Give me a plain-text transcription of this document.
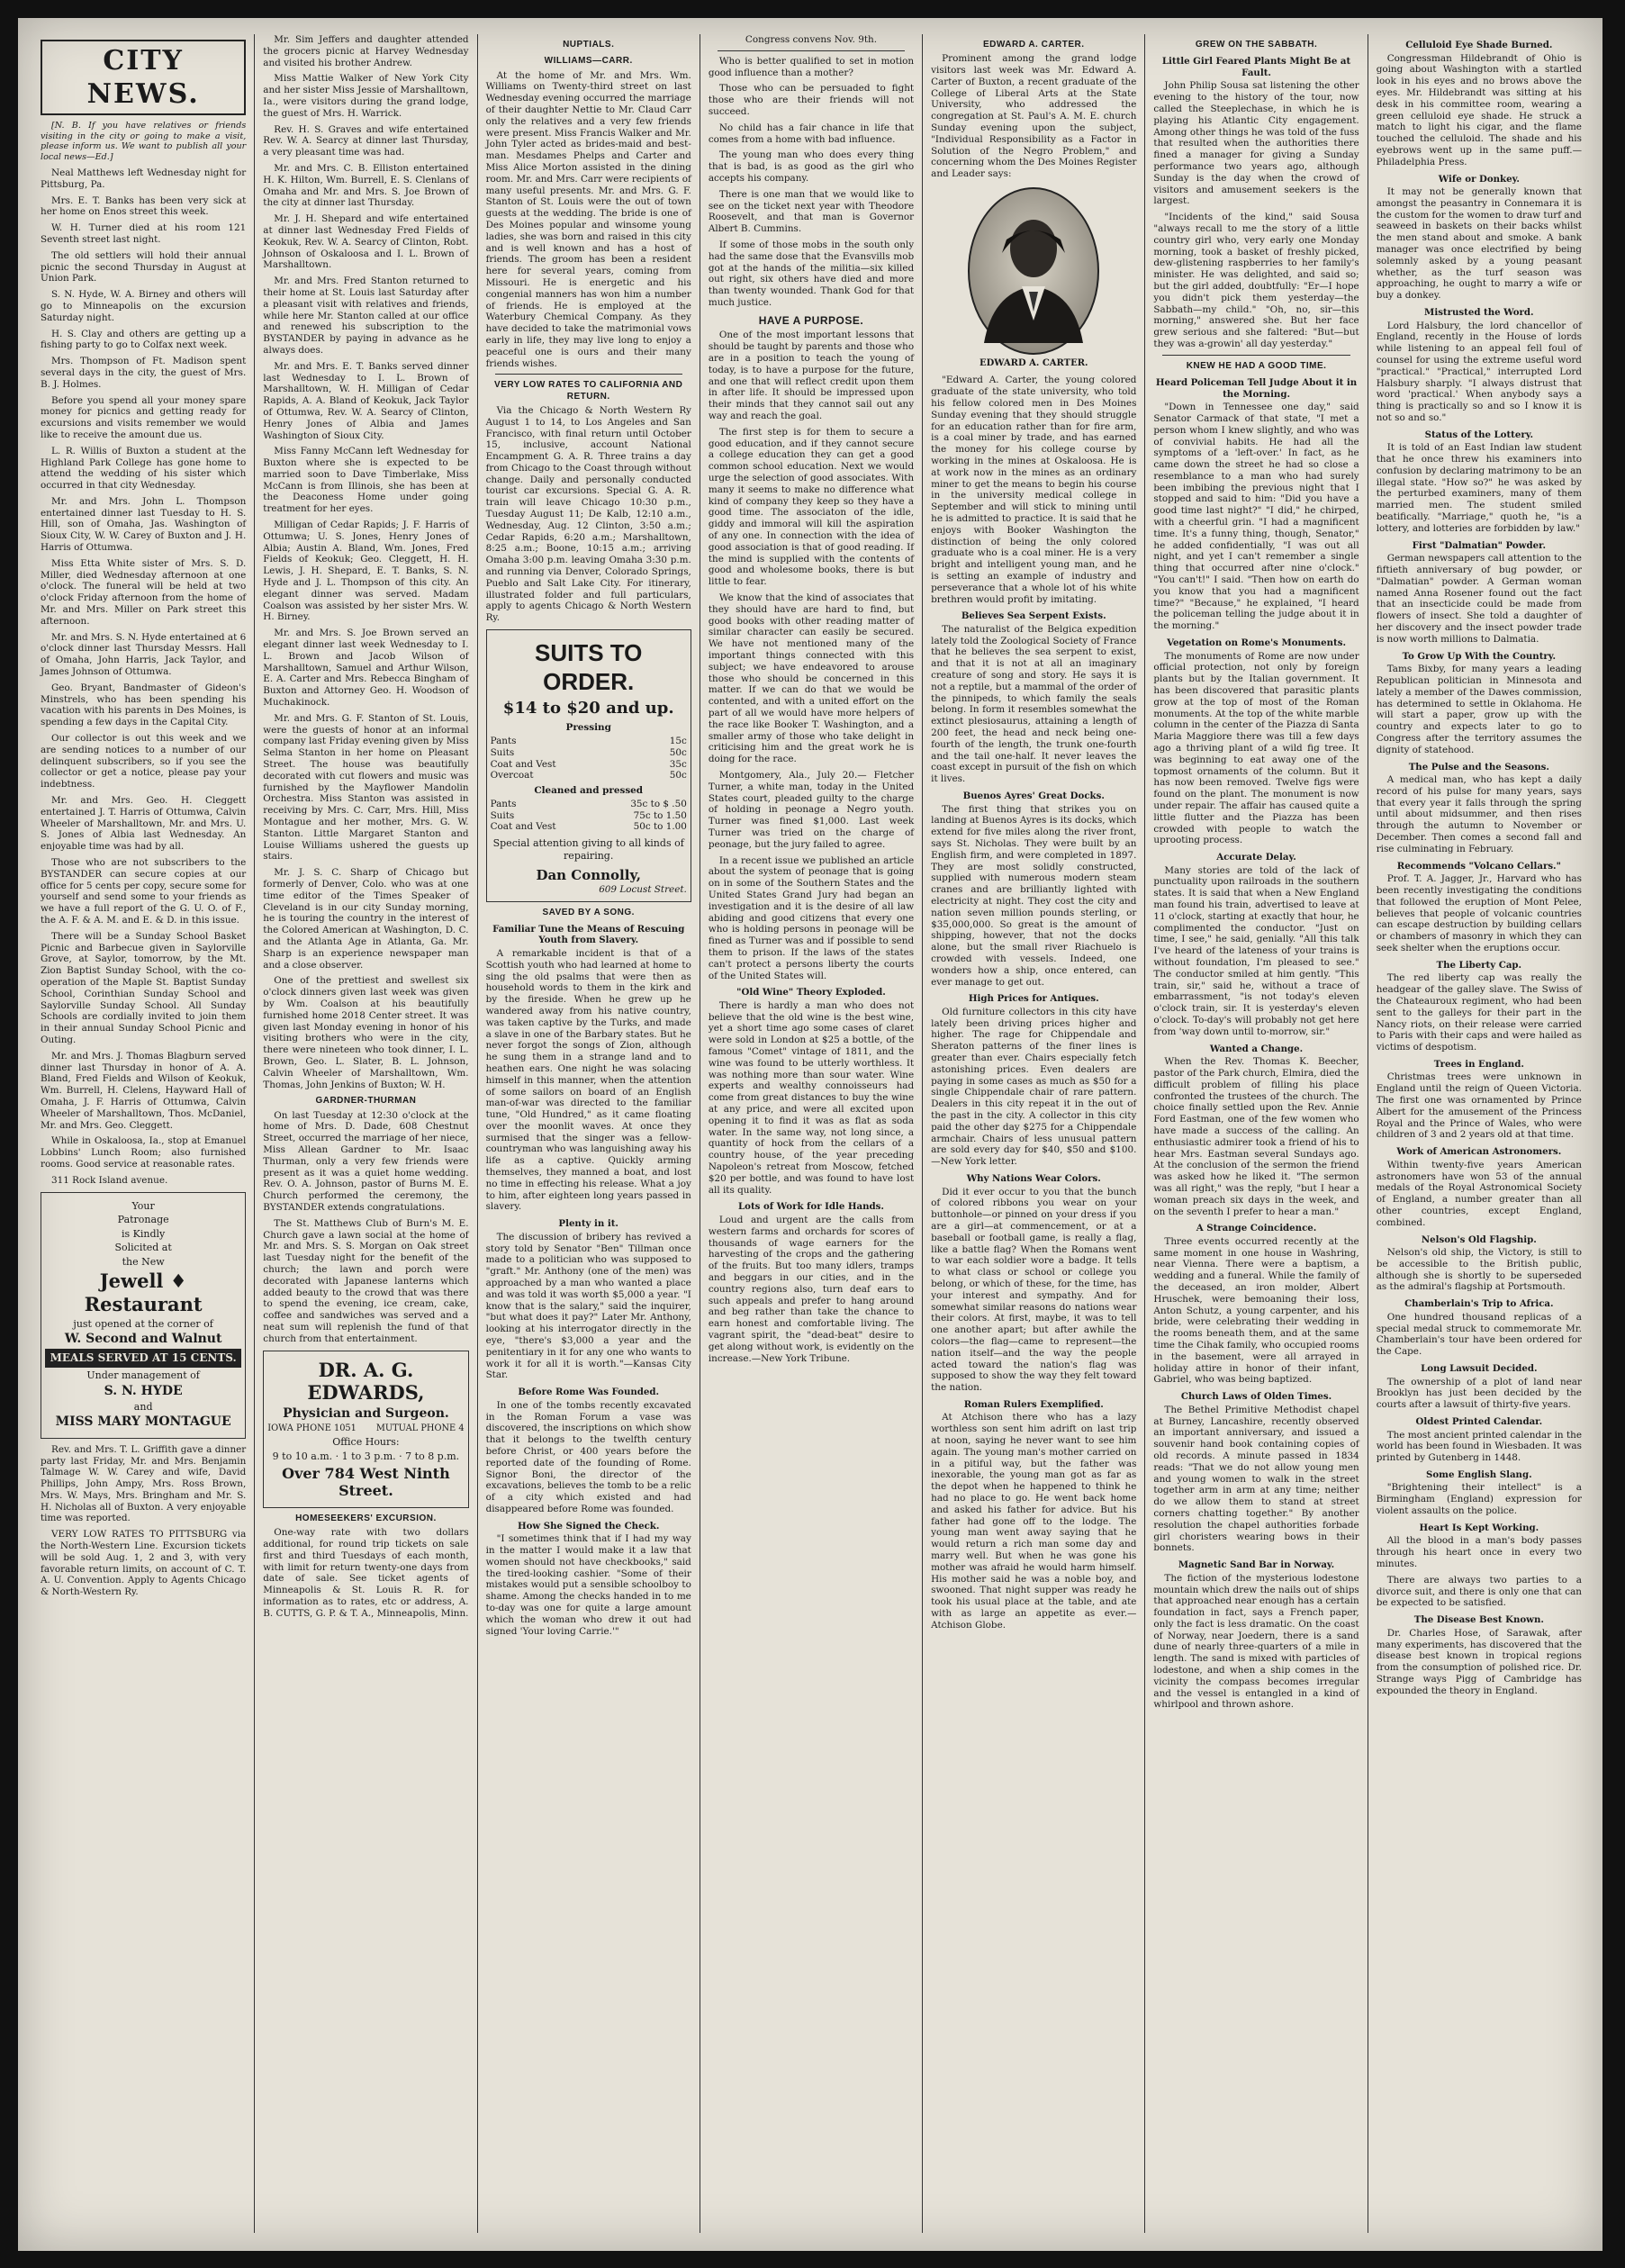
CITY NEWS.

[N. B. If you have relatives or friends visiting in the city or going to make a visit, please inform us. We want to publish all your local news—Ed.]

Neal Matthews left Wednesday night for Pittsburg, Pa.

Mrs. E. T. Banks has been very sick at her home on Enos street this week.

W. H. Turner died at his room 121 Seventh street last night.

The old settlers will hold their annual picnic the second Thursday in August at Union Park.

S. N. Hyde, W. A. Birney and others will go to Minneapolis on the excursion Saturday night.

H. S. Clay and others are getting up a fishing party to go to Colfax next week.

Mrs. Thompson of Ft. Madison spent several days in the city, the guest of Mrs. B. J. Holmes.

Before you spend all your money spare money for picnics and getting ready for excursions and visits remember we would like to receive the amount due us.

L. R. Willis of Buxton a student at the Highland Park College has gone home to attend the wedding of his sister which occurred in that city Wednesday.

Mr. and Mrs. John L. Thompson entertained dinner last Tuesday to H. S. Hill, son of Omaha, Jas. Washington of Sioux City, W. W. Carey of Buxton and J. H. Harris of Ottumwa.

Miss Etta White sister of Mrs. S. D. Miller, died Wednesday afternoon at one o'clock. The funeral will be held at two o'clock Friday afternoon from the home of Mr. and Mrs. Miller on Park street this afternoon.

Mr. and Mrs. S. N. Hyde entertained at 6 o'clock dinner last Thursday Messrs. Hall of Omaha, John Harris, Jack Taylor, and James Johnson of Ottumwa.

Geo. Bryant, Bandmaster of Gideon's Minstrels, who has been spending his vacation with his parents in Des Moines, is spending a few days in the Capital City.

Our collector is out this week and we are sending notices to a number of our delinquent subscribers, so if you see the collector or get a notice, please pay your indebtness.

Mr. and Mrs. Geo. H. Cleggett entertained J. T. Harris of Ottumwa, Calvin Wheeler of Marshalltown, Mr. and Mrs. U. S. Jones of Albia last Wednesday. An enjoyable time was had by all.

Those who are not subscribers to the BYSTANDER can secure copies at our office for 5 cents per copy, secure some for yourself and send some to your friends as we have a full report of the G. U. O. of F., the A. F. & A. M. and E. & D. in this issue.

There will be a Sunday School Basket Picnic and Barbecue given in Saylorville Grove, at Saylor, tomorrow, by the Mt. Zion Baptist Sunday School, with the co-operation of the Maple St. Baptist Sunday School, Corinthian Sunday School and Saylorville Sunday School. All Sunday Schools are cordially invited to join them in their annual Sunday School Picnic and Outing.

Mr. and Mrs. J. Thomas Blagburn served dinner last Thursday in honor of A. A. Bland, Fred Fields and Wilson of Keokuk, Wm. Burrell, H. Clelens, Hayward Hall of Omaha, J. F. Harris of Ottumwa, Calvin Wheeler of Marshalltown, Thos. McDaniel, Mr. and Mrs. Geo. Cleggett.

While in Oskaloosa, Ia., stop at Emanuel Lobbins' Lunch Room; also furnished rooms. Good service at reasonable rates.

311 Rock Island avenue.

Your
Patronage
is Kindly
Solicited at
the New
Jewell ♦ Restaurant
just opened at the corner of
W. Second and Walnut
MEALS SERVED AT 15 CENTS.
Under management of
S. N. HYDE
and
MISS MARY MONTAGUE

Rev. and Mrs. T. L. Griffith gave a dinner party last Friday, Mr. and Mrs. Benjamin Talmage W. W. Carey and wife, David Phillips, John Ampy, Mrs. Ross Brown, Mrs. W. Mays, Mrs. Bringham and Mr. S. H. Nicholas all of Buxton. A very enjoyable time was reported.

VERY LOW RATES TO PITTSBURG via the North-Western Line. Excursion tickets will be sold Aug. 1, 2 and 3, with very favorable return limits, on account of C. T. A. U. Convention. Apply to Agents Chicago & North-Western Ry.

Mr. Sim Jeffers and daughter attended the grocers picnic at Harvey Wednesday and visited his brother Andrew.

Miss Mattie Walker of New York City and her sister Miss Jessie of Marshalltown, Ia., were visitors during the grand lodge, the guest of Mrs. H. Warrick.

Rev. H. S. Graves and wife entertained Rev. W. A. Searcy at dinner last Thursday, a very pleasant time was had.

Mr. and Mrs. C. B. Elliston entertained H. K. Hilton, Wm. Burrell, E. S. Clenlans of Omaha and Mr. and Mrs. S. Joe Brown of the city at dinner last Thursday.

Mr. J. H. Shepard and wife entertained at dinner last Wednesday Fred Fields of Keokuk, Rev. W. A. Searcy of Clinton, Robt. Johnson of Oskaloosa and I. L. Brown of Marshalltown.

Mr. and Mrs. Fred Stanton returned to their home at St. Louis last Saturday after a pleasant visit with relatives and friends, while here Mr. Stanton called at our office and renewed his subscription to the BYSTANDER by paying in advance as he always does.

Mr. and Mrs. E. T. Banks served dinner last Wednesday to I. L. Brown of Marshalltown, W. H. Milligan of Cedar Rapids, A. A. Bland of Keokuk, Jack Taylor of Ottumwa, Rev. W. A. Searcy of Clinton, Henry Jones of Albia and James Washington of Sioux City.

Miss Fanny McCann left Wednesday for Buxton where she is expected to be married soon to Dave Timberlake, Miss McCann is from Illinois, she has been at the Deaconess Home under going treatment for her eyes.

Milligan of Cedar Rapids; J. F. Harris of Ottumwa; U. S. Jones, Henry Jones of Albia; Austin A. Bland, Wm. Jones, Fred Fields of Keokuk; Geo. Cleggett, H. H. Lewis, J. H. Shepard, E. T. Banks, S. N. Hyde and J. L. Thompson of this city. An elegant dinner was served. Madam Coalson was assisted by her sister Mrs. W. H. Birney.

Mr. and Mrs. S. Joe Brown served an elegant dinner last week Wednesday to I. L. Brown and Jacob Wilson of Marshalltown, Samuel and Arthur Wilson, E. A. Carter and Mrs. Rebecca Bingham of Buxton and Attorney Geo. H. Woodson of Muchakinock.

Mr. and Mrs. G. F. Stanton of St. Louis, were the guests of honor at an informal company last Friday evening given by Miss Selma Stanton in her home on Pleasant Street. The house was beautifully decorated with cut flowers and music was furnished by the Mayflower Mandolin Orchestra. Miss Stanton was assisted in receiving by Mrs. C. Carr, Mrs. Hill, Miss Montague and her mother, Mrs. G. W. Stanton. Little Margaret Stanton and Louise Williams ushered the guests up stairs.

Mr. J. S. C. Sharp of Chicago but formerly of Denver, Colo. who was at one time editor of the Times Speaker of Cleveland is in our city Sunday morning, he is touring the country in the interest of the Colored American at Washington, D. C. and the Atlanta Age in Atlanta, Ga. Mr. Sharp is an experience newspaper man and a close observer.

One of the prettiest and swellest six o'clock dinners given last week was given by Wm. Coalson at his beautifully furnished home 2018 Center street. It was given last Monday evening in honor of his visiting brothers who were in the city, there were nineteen who took dinner, I. L. Brown, Geo. L. Slater, B. L. Johnson, Calvin Wheeler of Marshalltown, Wm. Thomas, John Jenkins of Buxton; W. H.

GARDNER-THURMAN

On last Tuesday at 12:30 o'clock at the home of Mrs. D. Dade, 608 Chestnut Street, occurred the marriage of her niece, Miss Allean Gardner to Mr. Isaac Thurman, only a very few friends were present as it was a quiet home wedding. Rev. O. A. Johnson, pastor of Burns M. E. Church performed the ceremony, the BYSTANDER extends congratulations.

The St. Matthews Club of Burn's M. E. Church gave a lawn social at the home of Mr. and Mrs. S. S. Morgan on Oak street last Tuesday night for the benefit of the church; the lawn and porch were decorated with Japanese lanterns which added beauty to the crowd that was there to spend the evening, ice cream, cake, coffee and sandwiches was served and a neat sum will replenish the fund of that church from that entertainment.

DR. A. G. EDWARDS,
Physician and Surgeon.
IOWA PHONE 1051 MUTUAL PHONE 4
Office Hours:
9 to 10 a.m. · 1 to 3 p.m. · 7 to 8 p.m.
Over 784 West Ninth Street.
HOMESEEKERS' EXCURSION.

One-way rate with two dollars additional, for round trip tickets on sale first and third Tuesdays of each month, with limit for return twenty-one days from date of sale. See ticket agents of Minneapolis & St. Louis R. R. for information as to rates, etc or address, A. B. CUTTS, G. P. & T. A., Minneapolis, Minn.

NUPTIALS.
WILLIAMS—CARR.

At the home of Mr. and Mrs. Wm. Williams on Twenty-third street on last Wednesday evening occurred the marriage of their daughter Nettie to Mr. Claud Carr only the relatives and a very few friends were present. Miss Francis Walker and Mr. John Tyler acted as brides-maid and best-man. Mesdames Phelps and Carter and Miss Alice Morton assisted in the dining room. Mr. and Mrs. Carr were recipients of many useful presents. Mr. and Mrs. G. F. Stanton of St. Louis were the out of town guests at the wedding. The bride is one of Des Moines popular and winsome young ladies, she was born and raised in this city and is well known and has a host of friends. The groom has been a resident here for several years, coming from Missouri. He is energetic and his congenial manners has won him a number of friends. He is employed at the Waterbury Chemical Company. As they have decided to take the matrimonial vows early in life, they may live long to enjoy a peaceful one is ours and their many friends wishes.

VERY LOW RATES TO CALIFORNIA AND RETURN.

Via the Chicago & North Western Ry August 1 to 14, to Los Angeles and San Francisco, with final return until October 15, inclusive, account National Encampment G. A. R. Three trains a day from Chicago to the Coast through without change. Daily and personally conducted tourist car excursions. Special G. A. R. train will leave Chicago 10:30 p.m., Tuesday August 11; De Kalb, 12:10 a.m., Wednesday, Aug. 12 Clinton, 3:50 a.m.; Cedar Rapids, 6:20 a.m.; Marshalltown, 8:25 a.m.; Boone, 10:15 a.m.; arriving Omaha 3:00 p.m. leaving Omaha 3:30 p.m. and running via Denver, Colorado Springs, Pueblo and Salt Lake City. For itinerary, illustrated folder and full particulars, apply to agents Chicago & North Western Ry.

SUITS TO ORDER.
$14 to $20 and up.
Pressing
Pants	15c
Suits	50c
Coat and Vest	35c
Overcoat	50c
Cleaned and pressed
Pants	35c to $ .50
Suits	75c to 1.50
Coat and Vest	50c to 1.00

Special attention giving to all kinds of repairing.

Dan Connolly,
609 Locust Street.
SAVED BY A SONG.
Familiar Tune the Means of Rescuing Youth from Slavery.

A remarkable incident is that of a Scottish youth who had learned at home to sing the old psalms that were then as household words to them in the kirk and by the fireside. When he grew up he wandered away from his native country, was taken captive by the Turks, and made a slave in one of the Barbary states. But he never forgot the songs of Zion, although he sung them in a strange land and to heathen ears. One night he was solacing himself in this manner, when the attention of some sailors on board of an English man-of-war was directed to the familiar tune, "Old Hundred," as it came floating over the moonlit waves. At once they surmised that the singer was a fellow-countryman who was languishing away his life as a captive. Quickly arming themselves, they manned a boat, and lost no time in effecting his release. What a joy to him, after eighteen long years passed in slavery.

Plenty in it.

The discussion of bribery has revived a story told by Senator "Ben" Tillman once made to a politician who was supposed to "graft." Mr. Anthony (one of the men) was approached by a man who wanted a place and was told it was worth $5,000 a year. "I know that is the salary," said the inquirer, "but what does it pay?" Later Mr. Anthony, looking at his interrogator directly in the eye, "there's $3,000 a year and the penitentiary in it for any one who wants to work it for all it is worth."—Kansas City Star.

Before Rome Was Founded.

In one of the tombs recently excavated in the Roman Forum a vase was discovered, the inscriptions on which show that it belongs to the twelfth century before Christ, or 400 years before the reported date of the founding of Rome. Signor Boni, the director of the excavations, believes the tomb to be a relic of a city which existed and had disappeared before Rome was founded.

How She Signed the Check.

"I sometimes think that if I had my way in the matter I would make it a law that women should not have checkbooks," said the tired-looking cashier. "Some of their mistakes would put a sensible schoolboy to shame. Among the checks handed in to me to-day was one for quite a large amount which the woman who drew it out had signed 'Your loving Carrie.'"

Congress convens Nov. 9th.

Who is better qualified to set in motion good influence than a mother?

Those who can be persuaded to fight those who are their friends will not succeed.

No child has a fair chance in life that comes from a home with bad influence.

The young man who does every thing that is bad, is as good as the girl who accepts his company.

There is one man that we would like to see on the ticket next year with Theodore Roosevelt, and that man is Governor Albert B. Cummins.

If some of those mobs in the south only had the same dose that the Evansvills mob got at the hands of the militia—six killed out right, six others have died and more than twenty wounded. Thank God for that much justice.

HAVE A PURPOSE.

One of the most important lessons that should be taught by parents and those who are in a position to teach the young of today, is to have a purpose for the future, and one that will reflect credit upon them in after life. It should be impressed upon their minds that they cannot sail out any way and reach the goal.

The first step is for them to secure a good education, and if they cannot secure a college education they can get a good common school education. Next we would urge the selection of good associates. With many it seems to make no difference what kind of company they keep so they have a good time. The associaton of the idle, giddy and immoral will kill the aspiration of any one. In connection with the idea of good association is that of good reading. If the mind is supplied with the contents of good and wholesome books, there is but little to fear.

We know that the kind of associates that they should have are hard to find, but good books with other reading matter of similar character can easily be secured. We have not mentioned many of the important things connected with this subject; we have endeavored to arouse those who should be concerned in this matter. If we can do that we would be contented, and with a united effort on the part of all we would have more helpers of the race like Booker T. Washington, and a smaller army of those who take delight in criticising him and the great work he is doing for the race.

Montgomery, Ala., July 20.— Fletcher Turner, a white man, today in the United States court, pleaded guilty to the charge of holding in peonage a Negro youth. Turner was fined $1,000. Last week Turner was tried on the charge of peonage, but the jury failed to agree.

In a recent issue we published an article about the system of peonage that is going on in some of the Southern States and the United States Grand Jury had began an investigation and it is the desire of all law abiding and good citizens that every one who is holding persons in peonage will be fined as Turner was and if possible to send them to prison. If the laws of the states can't protect a persons liberty the courts of the United States will.

"Old Wine" Theory Exploded.

There is hardly a man who does not believe that the old wine is the best wine, yet a short time ago some cases of claret were sold in London at $25 a bottle, of the famous "Comet" vintage of 1811, and the wine was found to be utterly worthless. It was nothing more than sour water. Wine experts and wealthy connoisseurs had come from great distances to buy the wine at any price, and were all excited upon opening it to find it was as flat as soda water. In the same way, not long since, a quantity of hock from the cellars of a country house, of the year preceding Napoleon's retreat from Moscow, fetched $20 per bottle, and was found to have lost all its quality.

Lots of Work for Idle Hands.

Loud and urgent are the calls from western farms and orchards for scores of thousands of wage earners for the harvesting of the crops and the gathering of the fruits. But too many idlers, tramps and beggars in our cities, and in the country regions also, turn deaf ears to such appeals and prefer to hang around and beg rather than take the chance to earn honest and comfortable living. The vagrant spirit, the "dead-beat" desire to get along without work, is evidently on the increase.—New York Tribune.

EDWARD A. CARTER.

Prominent among the grand lodge visitors last week was Mr. Edward A. Carter of Buxton, a recent graduate of the College of Liberal Arts at the State University, who addressed the congregation at St. Paul's A. M. E. church Sunday evening upon the subject, "Individual Responsibility as a Factor in Solution of the Negro Problem," and concerning whom the Des Moines Register and Leader says:

EDWARD A. CARTER.

"Edward A. Carter, the young colored graduate of the state university, who told his fellow colored men in Des Moines Sunday evening that they should struggle for an education rather than for fire arm, is a coal miner by trade, and has earned the money for his college course by working in the mines at Oskaloosa. He is at work now in the mines as an ordinary miner to get the means to begin his course in the university medical college in September and will stick to mining until he is admitted to practice. It is said that he enjoys with Booker Washington the distinction of being the only colored graduate who is a coal miner. He is a very bright and intelligent young man, and he is setting an example of industry and perseverance that a whole lot of his white brethren would profit by imitating.

Believes Sea Serpent Exists.

The naturalist of the Belgica expedition lately told the Zoological Society of France that he believes the sea serpent to exist, and that it is not at all an imaginary creature of song and story. He says it is not a reptile, but a mammal of the order of the pinnipeds, to which family the seals belong. In form it resembles somewhat the extinct plesiosaurus, attaining a length of 200 feet, the head and neck being one-fourth of the length, the trunk one-fourth and the tail one-half. It never leaves the coast except in pursuit of the fish on which it lives.

Buenos Ayres' Great Docks.

The first thing that strikes you on landing at Buenos Ayres is its docks, which extend for five miles along the river front, says St. Nicholas. They were built by an English firm, and were completed in 1897. They are most solidly constructed, supplied with numerous modern steam cranes and are brilliantly lighted with electricity at night. They cost the city and nation seven million pounds sterling, or $35,000,000. So great is the amount of shipping, however, that not the docks alone, but the small river Riachuelo is crowded with vessels. Indeed, one wonders how a ship, once entered, can ever manage to get out.

High Prices for Antiques.

Old furniture collectors in this city have lately been driving prices higher and higher. The rage for Chippendale and Sheraton patterns of the finer lines is greater than ever. Chairs especially fetch astonishing prices. Even dealers are paying in some cases as much as $50 for a single Chippendale chair of rare pattern. Dealers in this city repeat it in the out of the past in the city. A collector in this city paid the other day $275 for a Chippendale armchair. Chairs of less unusual pattern are sold every day for $40, $50 and $100.—New York letter.

Why Nations Wear Colors.

Did it ever occur to you that the bunch of colored ribbons you wear on your buttonhole—or pinned on your dress if you are a girl—at commencement, or at a baseball or football game, is really a flag, like a battle flag? When the Romans went to war each soldier wore a badge. It tells to what class or school or college you belong, or which of these, for the time, has your interest and sympathy. And for somewhat similar reasons do nations wear their colors. At first, maybe, it was to tell one another apart; but after awhile the colors—the flag—came to represent—the nation itself—and the way the people acted toward the nation's flag was supposed to show the way they felt toward the nation.

Roman Rulers Exemplified.

At Atchison there who has a lazy worthless son sent him adrift on last trip at noon, saying he never want to see him again. The young man's mother carried on in a pitiful way, but the father was inexorable, the young man got as far as the depot when he happened to think he had no place to go. He went back home and asked his father for advice. But his father had gone off to the lodge. The young man went away saying that he would return a rich man some day and marry well. But when he was gone his mother was afraid he would harm himself. His mother said he was a noble boy, and swooned. That night supper was ready he took his usual place at the table, and ate with as large an appetite as ever.—Atchison Globe.

GREW ON THE SABBATH.
Little Girl Feared Plants Might Be at Fault.

John Philip Sousa sat listening the other evening to the history of the tour, now called the Steeplechase, in which he is playing his Atlantic City engagement. Among other things he was told of the fuss that resulted when the authorities there fined a manager for giving a Sunday performance two years ago, although Sunday is the day when the crowd of visitors and amusement seekers is the largest.

"Incidents of the kind," said Sousa "always recall to me the story of a little country girl who, very early one Monday morning, took a basket of freshly picked, dew-glistening raspberries to her family's minister. He was delighted, and said so; but the girl added, doubtfully: "Er—I hope you didn't pick them yesterday—the Sabbath—my child." "Oh, no, sir—this morning," answered she. But her face grew serious and she faltered: "But—but they was a-growin' all day yesterday."

KNEW HE HAD A GOOD TIME.
Heard Policeman Tell Judge About it in the Morning.

"Down in Tennessee one day," said Senator Carmack of that state, "I met a person whom I knew slightly, and who was of convivial habits. He had all the symptoms of a 'left-over.' In fact, as he came down the street he had so close a resemblance to a man who had surely been imbibing the previous night that I stopped and said to him: "Did you have a good time last night?" "I did," he chirped, with a cheerful grin. "I had a magnificent time. It's a funny thing, though, Senator," he added confidentially, "I was out all night, and yet I can't remember a single thing that occurred after nine o'clock." "You can't!" I said. "Then how on earth do you know that you had a magnificent time?" "Because," he explained, "I heard the policeman telling the judge about it in the morning."

Vegetation on Rome's Monuments.

The monuments of Rome are now under official protection, not only by foreign plants but by the Italian government. It has been discovered that parasitic plants grow at the top of most of the Roman monuments. At the top of the white marble column in the center of the Piazza di Santa Maria Maggiore there was till a few days ago a thriving plant of a wild fig tree. It was beginning to eat away one of the topmost ornaments of the column. But it has now been removed. Twelve figs were found on the plant. The monument is now under repair. The affair has caused quite a little flutter and the Piazza has been crowded with people to watch the uprooting process.

Accurate Delay.

Many stories are told of the lack of punctuality upon railroads in the southern states. It is said that when a New England man found his train, advertised to leave at 11 o'clock, starting at exactly that hour, he complimented the conductor. "Just on time, I see," he said, genially. "All this talk I've heard of the lateness of your trains is without foundation, I'm pleased to see." The conductor smiled at him gently. "This train, sir," said he, without a trace of embarrassment, "is not today's eleven o'clock train, sir. It is yesterday's eleven o'clock. To-day's will probably not get here from 'way down until to-morrow, sir."

Wanted a Change.

When the Rev. Thomas K. Beecher, pastor of the Park church, Elmira, died the difficult problem of filling his place confronted the trustees of the church. The choice finally settled upon the Rev. Annie Ford Eastman, one of the few women who have made a success of the calling. An enthusiastic admirer took a friend of his to hear Mrs. Eastman several Sundays ago. At the conclusion of the sermon the friend was asked how he liked it. "The sermon was all right," was the reply, "but I hear a woman preach six days in the week, and on the seventh I prefer to hear a man."

A Strange Coincidence.

Three events occurred recently at the same moment in one house in Washring, near Vienna. There were a baptism, a wedding and a funeral. While the family of the deceased, an iron molder, Albert Hruschek, were bemoaning their loss, Anton Schutz, a young carpenter, and his bride, were celebrating their wedding in the rooms beneath them, and at the same time the Cihak family, who occupied rooms in the basement, were all arrayed in holiday attire in honor of their infant, Gabriel, who was being baptized.

Church Laws of Olden Times.

The Bethel Primitive Methodist chapel at Burney, Lancashire, recently observed an important anniversary, and issued a souvenir hand book containing copies of old records. A minute passed in 1834 reads: "That we do not allow young men and young women to walk in the street together arm in arm at any time; neither do we allow them to stand at street corners chatting together." By another resolution the chapel authorities forbade girl choristers wearing bows in their bonnets.

Magnetic Sand Bar in Norway.

The fiction of the mysterious lodestone mountain which drew the nails out of ships that approached near enough has a certain foundation in fact, says a French paper, only the fact is less dramatic. On the coast of Norway, near Joedern, there is a sand dune of nearly three-quarters of a mile in length. The sand is mixed with particles of lodestone, and when a ship comes in the vicinity the compass becomes irregular and the vessel is entangled in a kind of whirlpool and thrown ashore.

Celluloid Eye Shade Burned.

Congressman Hildebrandt of Ohio is going about Washington with a startled look in his eyes and no brows above the eyes. Mr. Hildebrandt was sitting at his desk in his committee room, wearing a green celluloid eye shade. He struck a match to light his cigar, and the flame touched the celluloid. The shade and his eyebrows went up in the same puff.—Philadelphia Press.

Wife or Donkey.

It may not be generally known that amongst the peasantry in Connemara it is the custom for the women to draw turf and seaweed in baskets on their backs whilst the men stand about and smoke. A bank manager was once electrified by being solemnly asked by a young peasant whether, as the turf season was approaching, he ought to marry a wife or buy a donkey.

Mistrusted the Word.

Lord Halsbury, the lord chancellor of England, recently in the House of lords while listening to an appeal fell foul of counsel for using the extreme useful word "practical." "Practical," interrupted Lord Halsbury sharply. "I always distrust that word 'practical.' When anybody says a thing is practically so and so I know it is not so and so."

Status of the Lottery.

It is told of an East Indian law student that he once threw his examiners into confusion by declaring matrimony to be an illegal state. "How so?" he was asked by the perturbed examiners, many of them married men. The student smiled beatifically. "Marriage," quoth he, "is a lottery, and lotteries are forbidden by law."

First "Dalmatian" Powder.

German newspapers call attention to the fiftieth anniversary of bug powder, or "Dalmatian" powder. A German woman named Anna Rosener found out the fact that an insecticide could be made from flowers of insect. She told a daughter of her discovery and the insect powder trade is now worth millions to Dalmatia.

To Grow Up With the Country.

Tams Bixby, for many years a leading Republican politician in Minnesota and lately a member of the Dawes commission, has determined to settle in Oklahoma. He will start a paper, grow up with the country and expects later to go to Congress after the territory assumes the dignity of statehood.

The Pulse and the Seasons.

A medical man, who has kept a daily record of his pulse for many years, says that every year it falls through the spring until about midsummer, and then rises through the autumn to November or December. Then comes a second fall and rise culminating in February.

Recommends "Volcano Cellars."

Prof. T. A. Jagger, Jr., Harvard who has been recently investigating the conditions that followed the eruption of Mont Pelee, believes that people of volcanic countries can escape destruction by building cellars or chambers of masonry in which they can seek shelter when the eruptions occur.

The Liberty Cap.

The red liberty cap was really the headgear of the galley slave. The Swiss of the Chateauroux regiment, who had been sent to the galleys for their part in the Nancy riots, on their release were carried to Paris with their caps and were hailed as victims of despotism.

Trees in England.

Christmas trees were unknown in England until the reign of Queen Victoria. The first one was ornamented by Prince Albert for the amusement of the Princess Royal and the Prince of Wales, who were children of 3 and 2 years old at that time.

Work of American Astronomers.

Within twenty-five years American astronomers have won 53 of the annual medals of the Royal Astronomical Society of England, a number greater than all other countries, except England, combined.

Nelson's Old Flagship.

Nelson's old ship, the Victory, is still to be accessible to the British public, although she is shortly to be superseded as the admiral's flagship at Portsmouth.

Chamberlain's Trip to Africa.

One hundred thousand replicas of a special medal struck to commemorate Mr. Chamberlain's tour have been ordered for the Cape.

Long Lawsuit Decided.

The ownership of a plot of land near Brooklyn has just been decided by the courts after a lawsuit of thirty-five years.

Oldest Printed Calendar.

The most ancient printed calendar in the world has been found in Wiesbaden. It was printed by Gutenberg in 1448.

Some English Slang.

"Brightening their intellect" is a Birmingham (England) expression for violent assaults on the police.

Heart Is Kept Working.

All the blood in a man's body passes through his heart once in every two minutes.

There are always two parties to a divorce suit, and there is only one that can be expected to be satisfied.

The Disease Best Known.

Dr. Charles Hose, of Sarawak, after many experiments, has discovered that the disease best known in tropical regions from the consumption of polished rice. Dr. Strange ways Pigg of Cambridge has expounded the theory in England.
